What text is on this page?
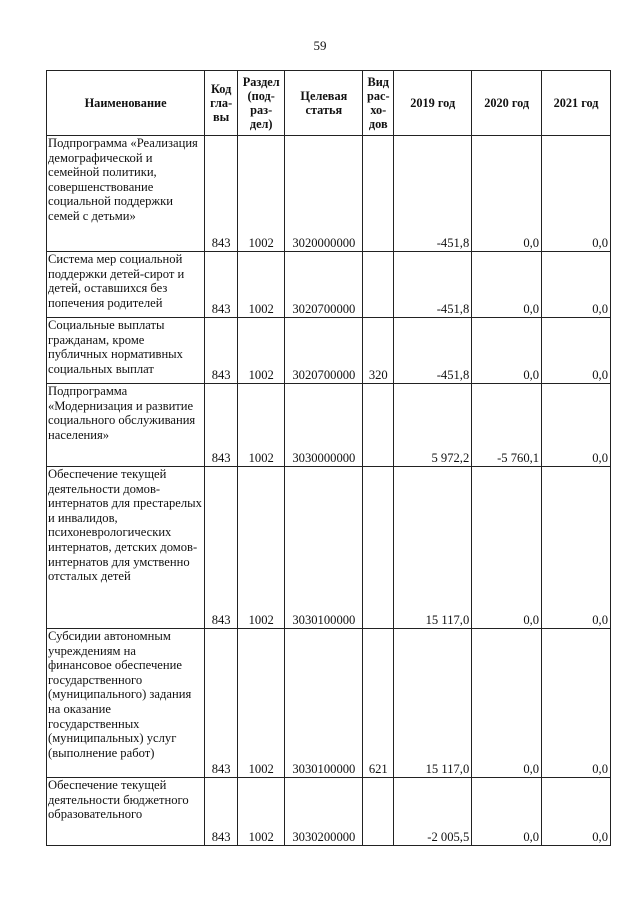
59
Наименование	Код гла-вы	Раздел (под-раз-дел)	Целевая статья	Вид рас-хо-дов	2019 год	2020 год	2021 год
Подпрограмма «Реализация демографической и семейной политики, совершенствование социальной поддержки семей с детьми»	843	1002	3020000000		-451,8	0,0	0,0
Система мер социальной поддержки детей-сирот и детей, оставшихся без попечения родителей	843	1002	3020700000		-451,8	0,0	0,0
Социальные выплаты гражданам, кроме публичных нормативных социальных выплат	843	1002	3020700000	320	-451,8	0,0	0,0
Подпрограмма «Модернизация и развитие социального обслуживания населения»	843	1002	3030000000		5 972,2	-5 760,1	0,0
Обеспечение текущей деятельности домов-интернатов для престарелых и инвалидов, психоневрологических интернатов, детских домов-интернатов для умственно отсталых детей	843	1002	3030100000		15 117,0	0,0	0,0
Субсидии автономным учреждениям на финансовое обеспечение государственного (муниципального) задания на оказание государственных (муниципальных) услуг (выполнение работ)	843	1002	3030100000	621	15 117,0	0,0	0,0
Обеспечение текущей деятельности бюджетного образовательного	843	1002	3030200000		-2 005,5	0,0	0,0
